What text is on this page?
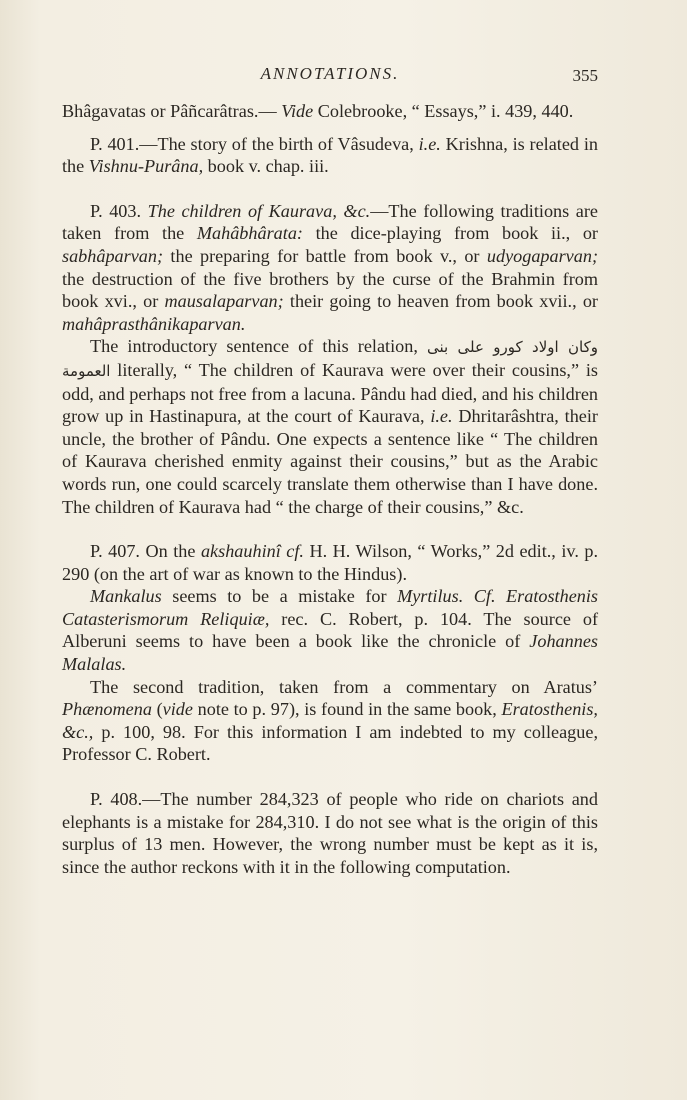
ANNOTATIONS.	355

Bhâgavatas or Pâñcarâtras.— Vide Colebrooke, “ Essays,” i. 439, 440.

P. 401.—The story of the birth of Vâsudeva, i.e. Krishna, is related in the Vishnu-Purâna, book v. chap. iii.

P. 403. The children of Kaurava, &c.—The following traditions are taken from the Mahâbhârata: the dice-playing from book ii., or sabhâparvan; the preparing for battle from book v., or udyogaparvan; the destruction of the five brothers by the curse of the Brahmin from book xvi., or mausalaparvan; their going to heaven from book xvii., or mahâprasthânikaparvan.

The introductory sentence of this relation, وكان اولاد كورو على بنى العمومة literally, “ The children of Kaurava were over their cousins,” is odd, and perhaps not free from a lacuna. Pându had died, and his children grow up in Hastinapura, at the court of Kaurava, i.e. Dhritarâshtra, their uncle, the brother of Pându. One expects a sentence like “ The children of Kaurava cherished enmity against their cousins,” but as the Arabic words run, one could scarcely translate them otherwise than I have done. The children of Kaurava had “ the charge of their cousins,” &c.

P. 407. On the akshauhinî cf. H. H. Wilson, “ Works,” 2d edit., iv. p. 290 (on the art of war as known to the Hindus).

Mankalus seems to be a mistake for Myrtilus. Cf. Eratosthenis Catasterismorum Reliquiæ, rec. C. Robert, p. 104. The source of Alberuni seems to have been a book like the chronicle of Johannes Malalas.

The second tradition, taken from a commentary on Aratus’ Phænomena (vide note to p. 97), is found in the same book, Eratosthenis, &c., p. 100, 98. For this information I am indebted to my colleague, Professor C. Robert.

P. 408.—The number 284,323 of people who ride on chariots and elephants is a mistake for 284,310. I do not see what is the origin of this surplus of 13 men. However, the wrong number must be kept as it is, since the author reckons with it in the following computation.
